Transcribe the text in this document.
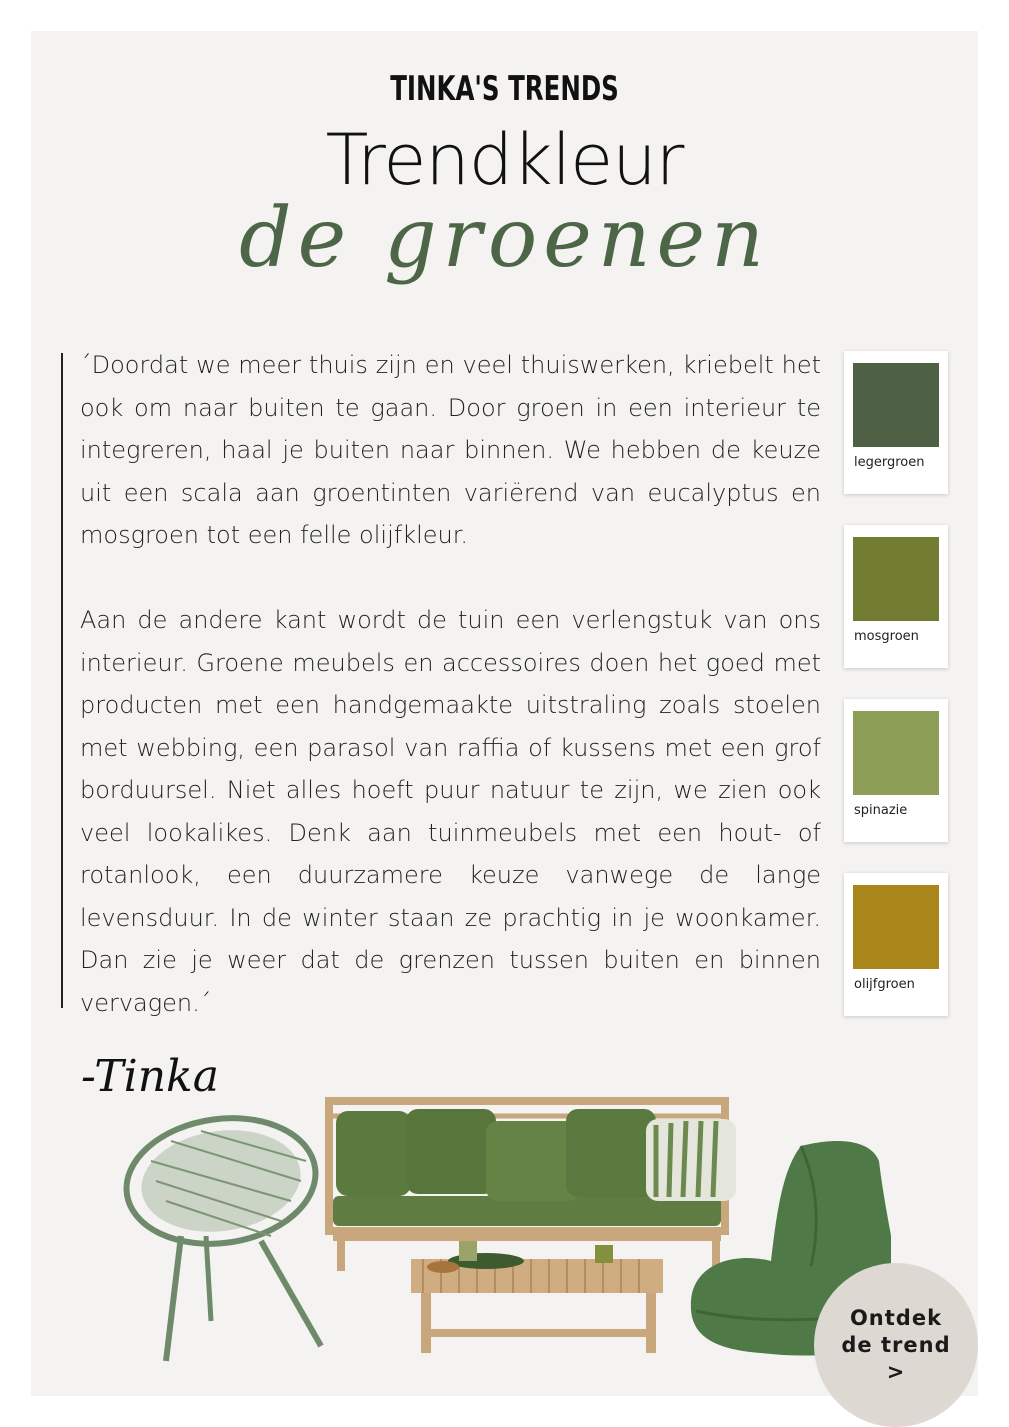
TINKA'S TRENDS
Trendkleur
de groenen

´Doordat we meer thuis zijn en veel thuiswerken, kriebelt het ook om naar buiten te gaan. Door groen in een interieur te integreren, haal je buiten naar binnen. We hebben de keuze uit een scala aan groentinten variërend van eucalyptus en mosgroen tot een felle olijfkleur.

Aan de andere kant wordt de tuin een verlengstuk van ons interieur. Groene meubels en accessoires doen het goed met producten met een handgemaakte uitstraling zoals stoelen met webbing, een parasol van raffia of kussens met een grof borduursel. Niet alles hoeft puur natuur te zijn, we zien ook veel lookalikes. Denk aan tuinmeubels met een hout- of rotanlook, een duurzamere keuze vanwege de lange levensduur. In de winter staan ze prachtig in je woonkamer. Dan zie je weer dat de grenzen tussen buiten en binnen vervagen.´

legergroen
mosgroen
spinazie
olijfgroen
-Tinka
Ontdek de trend >
